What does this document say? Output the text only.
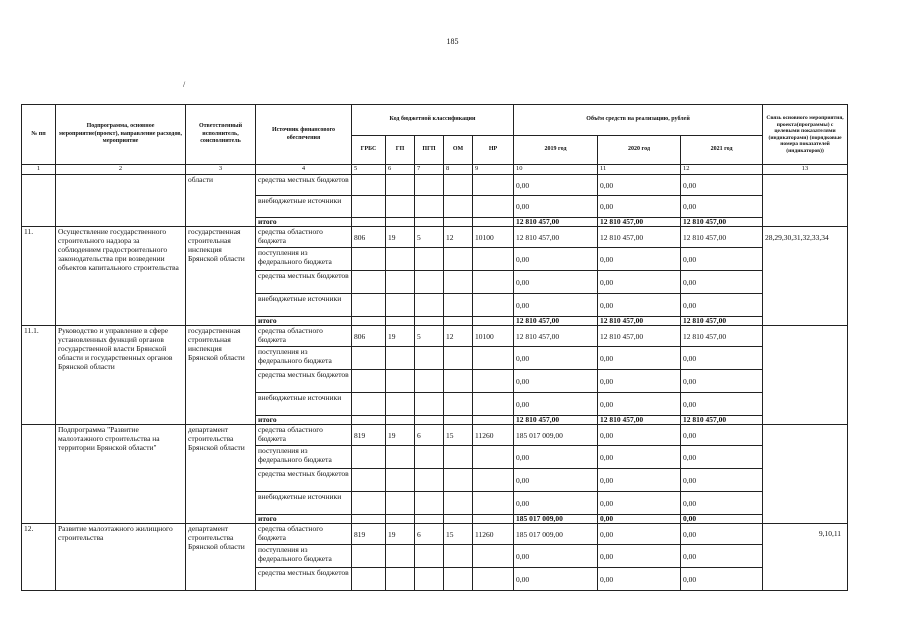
185
/
№ пп	Подпрограмма, основное мероприятие(проект), направление расходов, мероприятие	Ответственный исполнитель, соисполнитель	Источник финансового обеспечения	Код бюджетной классификации					Объём средств на реализацию, рублей			Связь основного мероприятия, проекта(программы) с целевыми показателями (индикаторами) (порядковые номера показателей (индикаторов))
				ГРБС	ГП	ПГП	ОМ	НР	2019 год	2020 год	2021 год	
1	2	3	4	5	6	7	8	9	10	11	12	13
		области	средства местных бюджетов						0,00	0,00	0,00	
			внебюджетные источники						0,00	0,00	0,00	
			итого						12 810 457,00	12 810 457,00	12 810 457,00	
11.	Осуществление государственного строительного надзора за соблюдением градостроительного законодательства при возведении объектов капитального строительства	государственная строительная инспекция Брянской области	средства областного бюджета	806	19	5	12	10100	12 810 457,00	12 810 457,00	12 810 457,00	28,29,30,31,32,33,34
			поступления из федерального бюджета						0,00	0,00	0,00	
			средства местных бюджетов						0,00	0,00	0,00	
			внебюджетные источники						0,00	0,00	0,00	
			итого						12 810 457,00	12 810 457,00	12 810 457,00	
11.1.	Руководство и управление в сфере установленных функций органов государственной власти Брянской области и государственных органов Брянской области	государственная строительная инспекция Брянской области	средства областного бюджета	806	19	5	12	10100	12 810 457,00	12 810 457,00	12 810 457,00	
			поступления из федерального бюджета						0,00	0,00	0,00	
			средства местных бюджетов						0,00	0,00	0,00	
			внебюджетные источники						0,00	0,00	0,00	
			итого						12 810 457,00	12 810 457,00	12 810 457,00	
	Подпрограмма "Развитие малоэтажного строительства на территории Брянской области"	департамент строительства Брянской области	средства областного бюджета	819	19	6	15	11260	185 017 009,00	0,00	0,00	
			поступления из федерального бюджета						0,00	0,00	0,00	
			средства местных бюджетов						0,00	0,00	0,00	
			внебюджетные источники						0,00	0,00	0,00	
			итого						185 017 009,00	0,00	0,00	
12.	Развитие малоэтажного жилищного строительства	департамент строительства Брянской области	средства областного бюджета	819	19	6	15	11260	185 017 009,00	0,00	0,00	9,10,11
			поступления из федерального бюджета						0,00	0,00	0,00	
			средства местных бюджетов						0,00	0,00	0,00	
